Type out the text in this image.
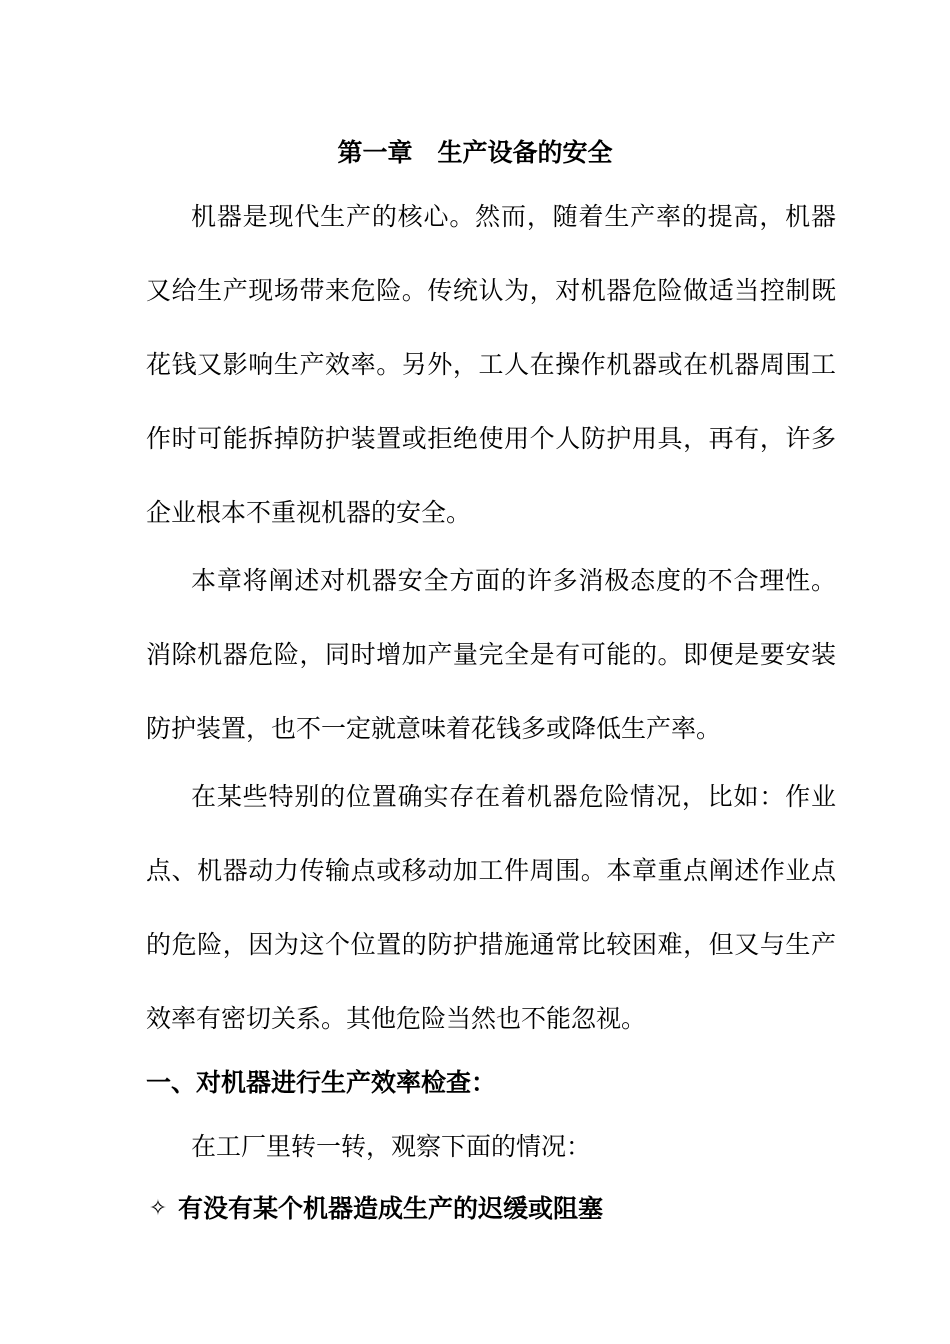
第一章　生产设备的安全

机器是现代生产的核心。然而，随着生产率的提高，机器又给生产现场带来危险。传统认为，对机器危险做适当控制既花钱又影响生产效率。另外，工人在操作机器或在机器周围工作时可能拆掉防护装置或拒绝使用个人防护用具，再有，许多企业根本不重视机器的安全。

本章将阐述对机器安全方面的许多消极态度的不合理性。消除机器危险，同时增加产量完全是有可能的。即便是要安装防护装置，也不一定就意味着花钱多或降低生产率。

在某些特别的位置确实存在着机器危险情况，比如：作业点、机器动力传输点或移动加工件周围。本章重点阐述作业点的危险，因为这个位置的防护措施通常比较困难，但又与生产效率有密切关系。其他危险当然也不能忽视。

一、对机器进行生产效率检查：
在工厂里转一转，观察下面的情况：
✧ 有没有某个机器造成生产的迟缓或阻塞
